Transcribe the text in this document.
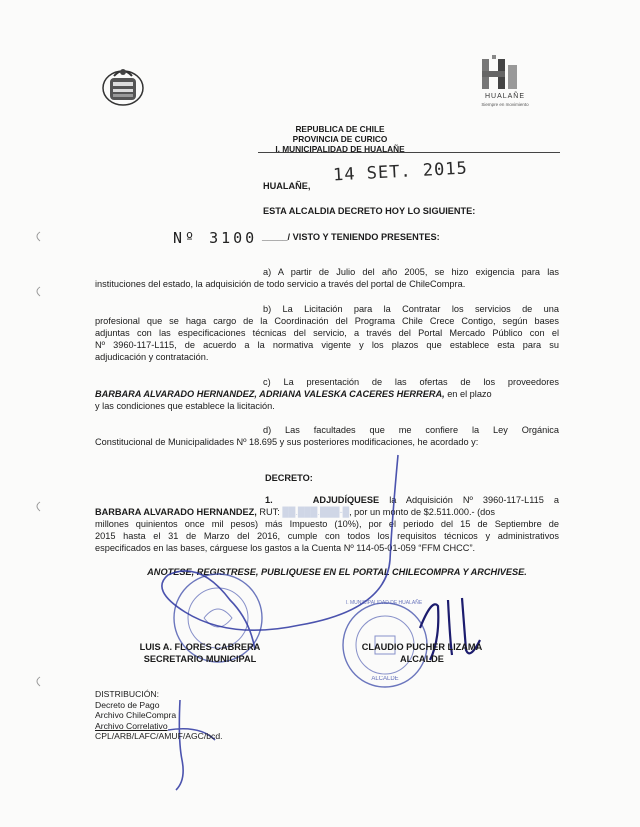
HUALAÑE
Siempre en movimiento
REPUBLICA DE CHILE
PROVINCIA DE CURICO
I. MUNICIPALIDAD DE HUALAÑE
HUALAÑE,
14 SET. 2015
ESTA ALCALDIA DECRETO HOY LO SIGUIENTE:
Nº 3100 _____/ VISTO Y TENIENDO PRESENTES:
a) A partir de Julio del año 2005, se hizo exigencia para las
instituciones del estado, la adquisición de todo servicio a través del portal de ChileCompra.
b) La Licitación para la Contratar los servicios de una
profesional que se haga cargo de la Coordinación del Programa Chile Crece Contigo, según bases
adjuntas con las especificaciones técnicas del servicio, a través del Portal Mercado Público con el
Nº 3960-117-L115, de acuerdo a la normativa vigente y los plazos que establece esta para su
adjudicación y contratación.
c) La presentación de las ofertas de los proveedores
BARBARA ALVARADO HERNANDEZ, ADRIANA VALESKA CACERES HERRERA, en el plazo
y las condiciones que establece la licitación.
d) Las facultades que me confiere la Ley Orgánica
Constitucional de Municipalidades Nº 18.695 y sus posteriores modificaciones, he acordado y:
DECRETO:
1.	ADJUDÍQUESE la Adquisición Nº 3960-117-L115 a
BARBARA ALVARADO HERNANDEZ, RUT: ██.███.███-█, por un monto de $2.511.000.- (dos
millones quinientos once mil pesos) más Impuesto (10%), por el periodo del 15 de Septiembre de
2015 hasta el 31 de Marzo del 2016, cumple con todos los requisitos técnicos y administrativos
especificados en las bases, cárguese los gastos a la Cuenta Nº 114-05-01-059 “FFM CHCC”.
ANOTESE, REGISTRESE, PUBLIQUESE EN EL PORTAL CHILECOMPRA Y ARCHIVESE.
LUIS A. FLORES CABRERA
SECRETARIO MUNICIPAL
CLAUDIO PUCHER LIZAMA
ALCALDE
I. MUNICIPALIDAD DE HUALAÑE
ALCALDE
DISTRIBUCIÓN:
Decreto de Pago
Archivo ChileCompra
Archivo Correlativo
CPL/ARB/LAFC/AMUF/AGC/bcd.
